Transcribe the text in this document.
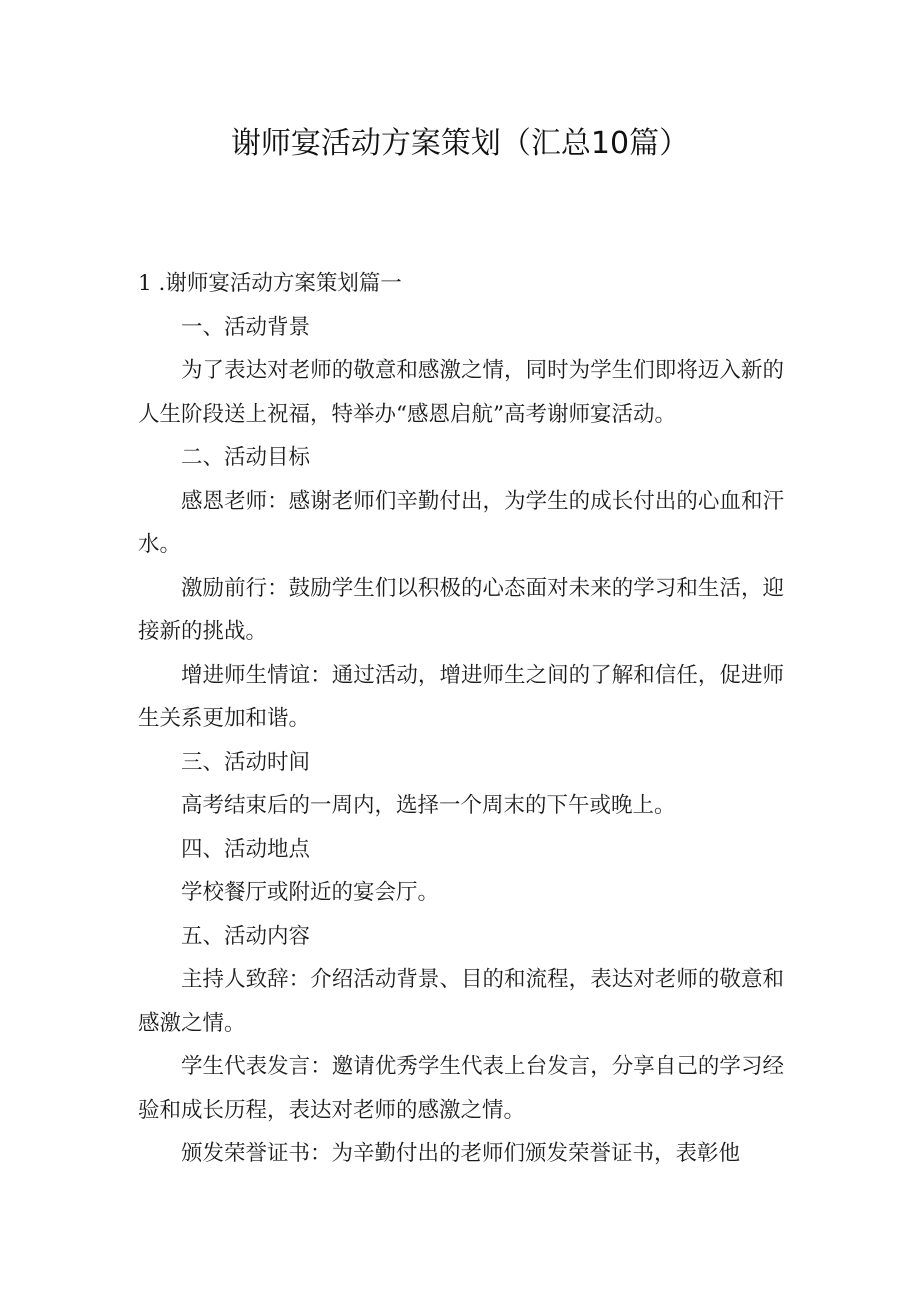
谢师宴活动方案策划（汇总10篇）

1 .谢师宴活动方案策划篇一

一、活动背景

为了表达对老师的敬意和感激之情，同时为学生们即将迈入新的人生阶段送上祝福，特举办“感恩启航”高考谢师宴活动。

二、活动目标

感恩老师：感谢老师们辛勤付出，为学生的成长付出的心血和汗水。

激励前行：鼓励学生们以积极的心态面对未来的学习和生活，迎接新的挑战。

增进师生情谊：通过活动，增进师生之间的了解和信任，促进师生关系更加和谐。

三、活动时间

高考结束后的一周内，选择一个周末的下午或晚上。

四、活动地点

学校餐厅或附近的宴会厅。

五、活动内容

主持人致辞：介绍活动背景、目的和流程，表达对老师的敬意和感激之情。

学生代表发言：邀请优秀学生代表上台发言，分享自己的学习经验和成长历程，表达对老师的感激之情。

颁发荣誉证书：为辛勤付出的老师们颁发荣誉证书，表彰他
